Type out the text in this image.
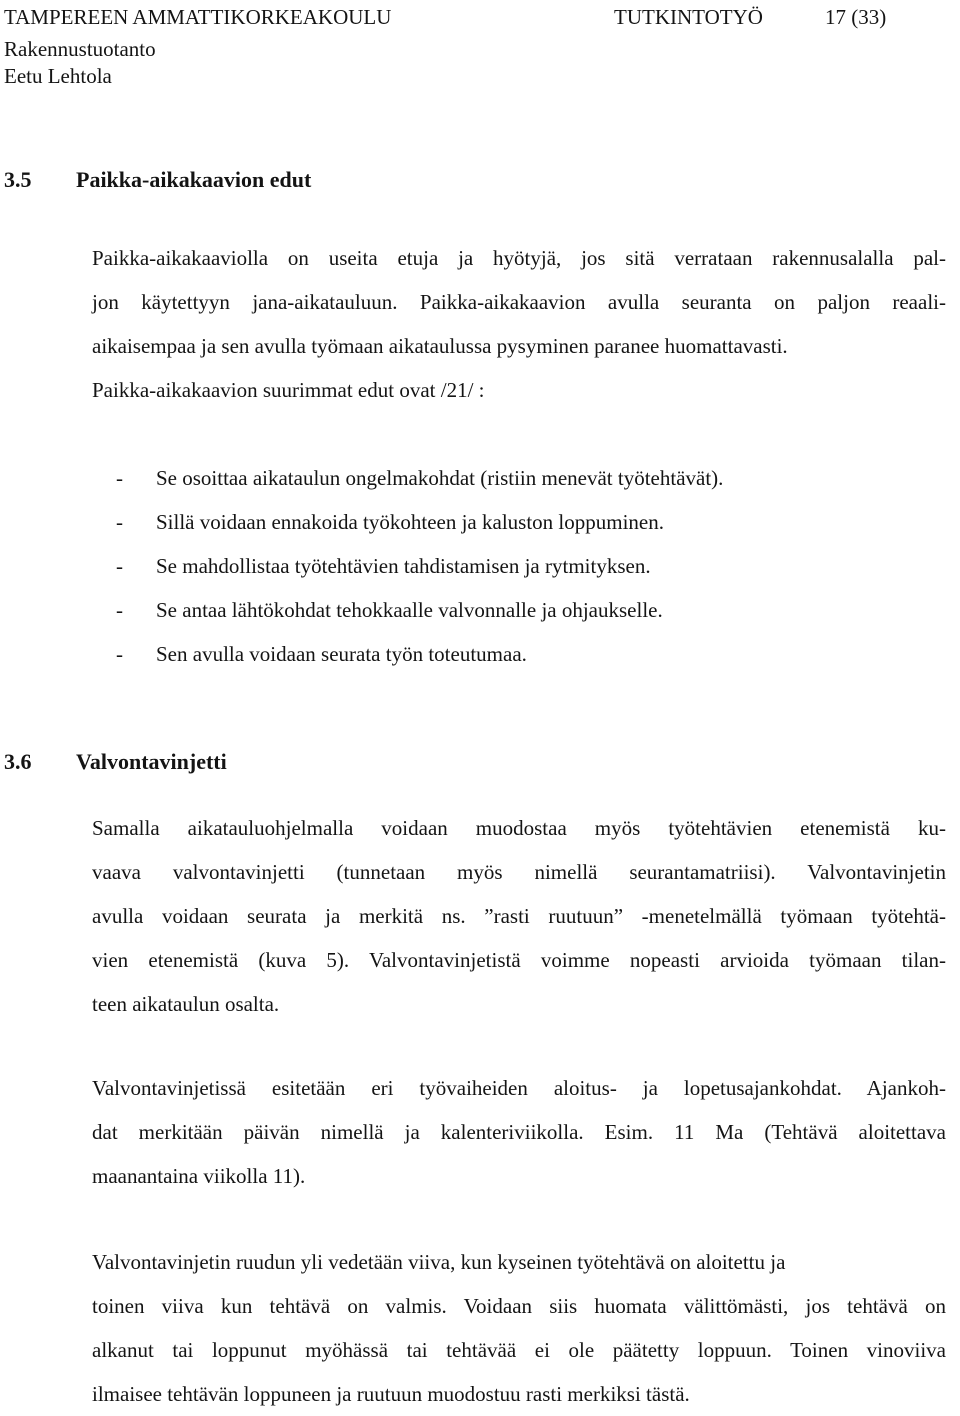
TAMPEREEN AMMATTIKORKEAKOULU	TUTKINTOTYÖ	17 (33)
Rakennustuotanto
Eetu Lehtola
3.5 Paikka-aikakaavion edut
Paikka-aikakaaviolla on useita etuja ja hyötyjä, jos sitä verrataan rakennusalalla pal-
jon käytettyyn jana-aikatauluun. Paikka-aikakaavion avulla seuranta on paljon reaali-
aikaisempaa ja sen avulla työmaan aikataulussa pysyminen paranee huomattavasti.
Paikka-aikakaavion suurimmat edut ovat /21/ :
- Se osoittaa aikataulun ongelmakohdat (ristiin menevät työtehtävät).
- Sillä voidaan ennakoida työkohteen ja kaluston loppuminen.
- Se mahdollistaa työtehtävien tahdistamisen ja rytmityksen.
- Se antaa lähtökohdat tehokkaalle valvonnalle ja ohjaukselle.
- Sen avulla voidaan seurata työn toteutumaa.
3.6 Valvontavinjetti
Samalla aikatauluohjelmalla voidaan muodostaa myös työtehtävien etenemistä ku-
vaava valvontavinjetti (tunnetaan myös nimellä seurantamatriisi). Valvontavinjetin
avulla voidaan seurata ja merkitä ns. ”rasti ruutuun” -menetelmällä työmaan työtehtä-
vien etenemistä (kuva 5). Valvontavinjetistä voimme nopeasti arvioida työmaan tilan-
teen aikataulun osalta.
Valvontavinjetissä esitetään eri työvaiheiden aloitus- ja lopetusajankohdat. Ajankoh-
dat merkitään päivän nimellä ja kalenteriviikolla. Esim. 11 Ma (Tehtävä aloitettava
maanantaina viikolla 11).
Valvontavinjetin ruudun yli vedetään viiva, kun kyseinen työtehtävä on aloitettu ja
toinen viiva kun tehtävä on valmis. Voidaan siis huomata välittömästi, jos tehtävä on
alkanut tai loppunut myöhässä tai tehtävää ei ole päätetty loppuun. Toinen vinoviiva
ilmaisee tehtävän loppuneen ja ruutuun muodostuu rasti merkiksi tästä.
